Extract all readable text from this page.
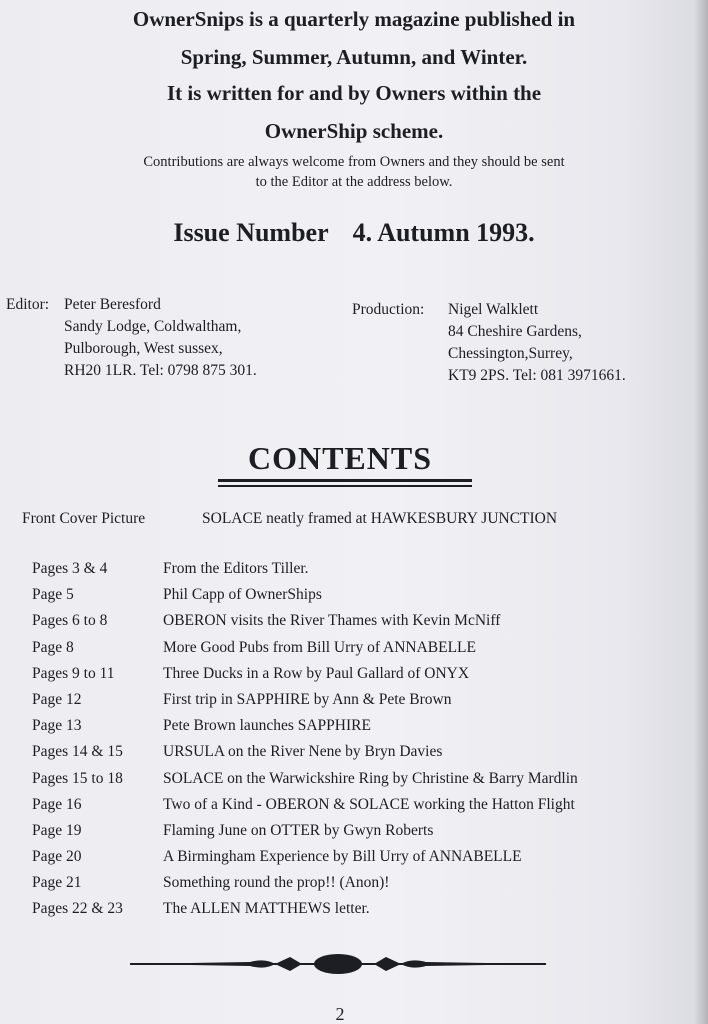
OwnerSnips is a quarterly magazine published in
Spring, Summer, Autumn, and Winter.
It is written for and by Owners within the
OwnerShip scheme.
Contributions are always welcome from Owners and they should be sent
to the Editor at the address below.
Issue Number 4. Autumn 1993.
Editor: Peter Beresford
Sandy Lodge, Coldwaltham,
Pulborough, West sussex,
RH20 1LR. Tel: 0798 875 301.
Production: Nigel Walklett
84 Cheshire Gardens,
Chessington,Surrey,
KT9 2PS. Tel: 081 3971661.
CONTENTS
Front Cover Picture	SOLACE neatly framed at HAWKESBURY JUNCTION
Pages 3 & 4	From the Editors Tiller.
Page 5	Phil Capp of OwnerShips
Pages 6 to 8	OBERON visits the River Thames with Kevin McNiff
Page 8	More Good Pubs from Bill Urry of ANNABELLE
Pages 9 to 11	Three Ducks in a Row by Paul Gallard of ONYX
Page 12	First trip in SAPPHIRE by Ann & Pete Brown
Page 13	Pete Brown launches SAPPHIRE
Pages 14 & 15	URSULA on the River Nene by Bryn Davies
Pages 15 to 18	SOLACE on the Warwickshire Ring by Christine & Barry Mardlin
Page 16	Two of a Kind - OBERON & SOLACE working the Hatton Flight
Page 19	Flaming June on OTTER by Gwyn Roberts
Page 20	A Birmingham Experience by Bill Urry of ANNABELLE
Page 21	Something round the prop!! (Anon)!
Pages 22 & 23	The ALLEN MATTHEWS letter.
2
